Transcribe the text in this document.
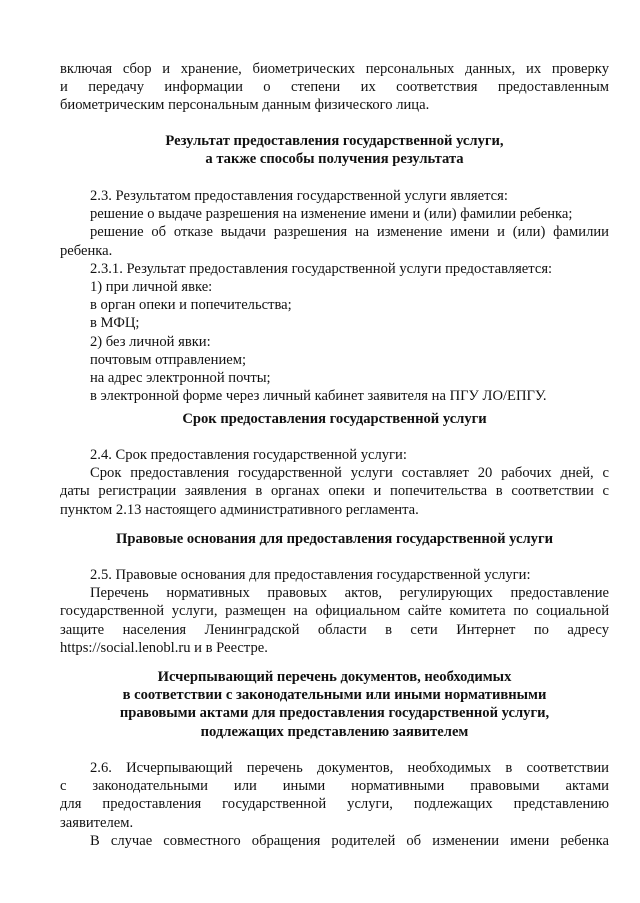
включая сбор и хранение, биометрических персональных данных, их проверку

и передачу информации о степени их соответствия предоставленным

биометрическим персональным данным физического лица.

Результат предоставления государственной услуги,

а также способы получения результата

2.3. Результатом предоставления государственной услуги является:

решение о выдаче разрешения на изменение имени и (или) фамилии ребенка;

решение об отказе выдачи разрешения на изменение имени и (или) фамилии

ребенка.

2.3.1. Результат предоставления государственной услуги предоставляется:

1) при личной явке:

в орган опеки и попечительства;

в МФЦ;

2) без личной явки:

почтовым отправлением;

на адрес электронной почты;

в электронной форме через личный кабинет заявителя на ПГУ ЛО/ЕПГУ.

Срок предоставления государственной услуги

2.4. Срок предоставления государственной услуги:

Срок предоставления государственной услуги составляет 20 рабочих дней, с

даты регистрации заявления в органах опеки и попечительства в соответствии с

пунктом 2.13 настоящего административного регламента.

Правовые основания для предоставления государственной услуги

2.5. Правовые основания для предоставления государственной услуги:

Перечень нормативных правовых актов, регулирующих предоставление

государственной услуги, размещен на официальном сайте комитета по социальной

защите населения Ленинградской области в сети Интернет по адресу

https://social.lenobl.ru и в Реестре.

Исчерпывающий перечень документов, необходимых

в соответствии с законодательными или иными нормативными

правовыми актами для предоставления государственной услуги,

подлежащих представлению заявителем

2.6. Исчерпывающий перечень документов, необходимых в соответствии

с законодательными или иными нормативными правовыми актами

для предоставления государственной услуги, подлежащих представлению

заявителем.

В случае совместного обращения родителей об изменении имени ребенка
